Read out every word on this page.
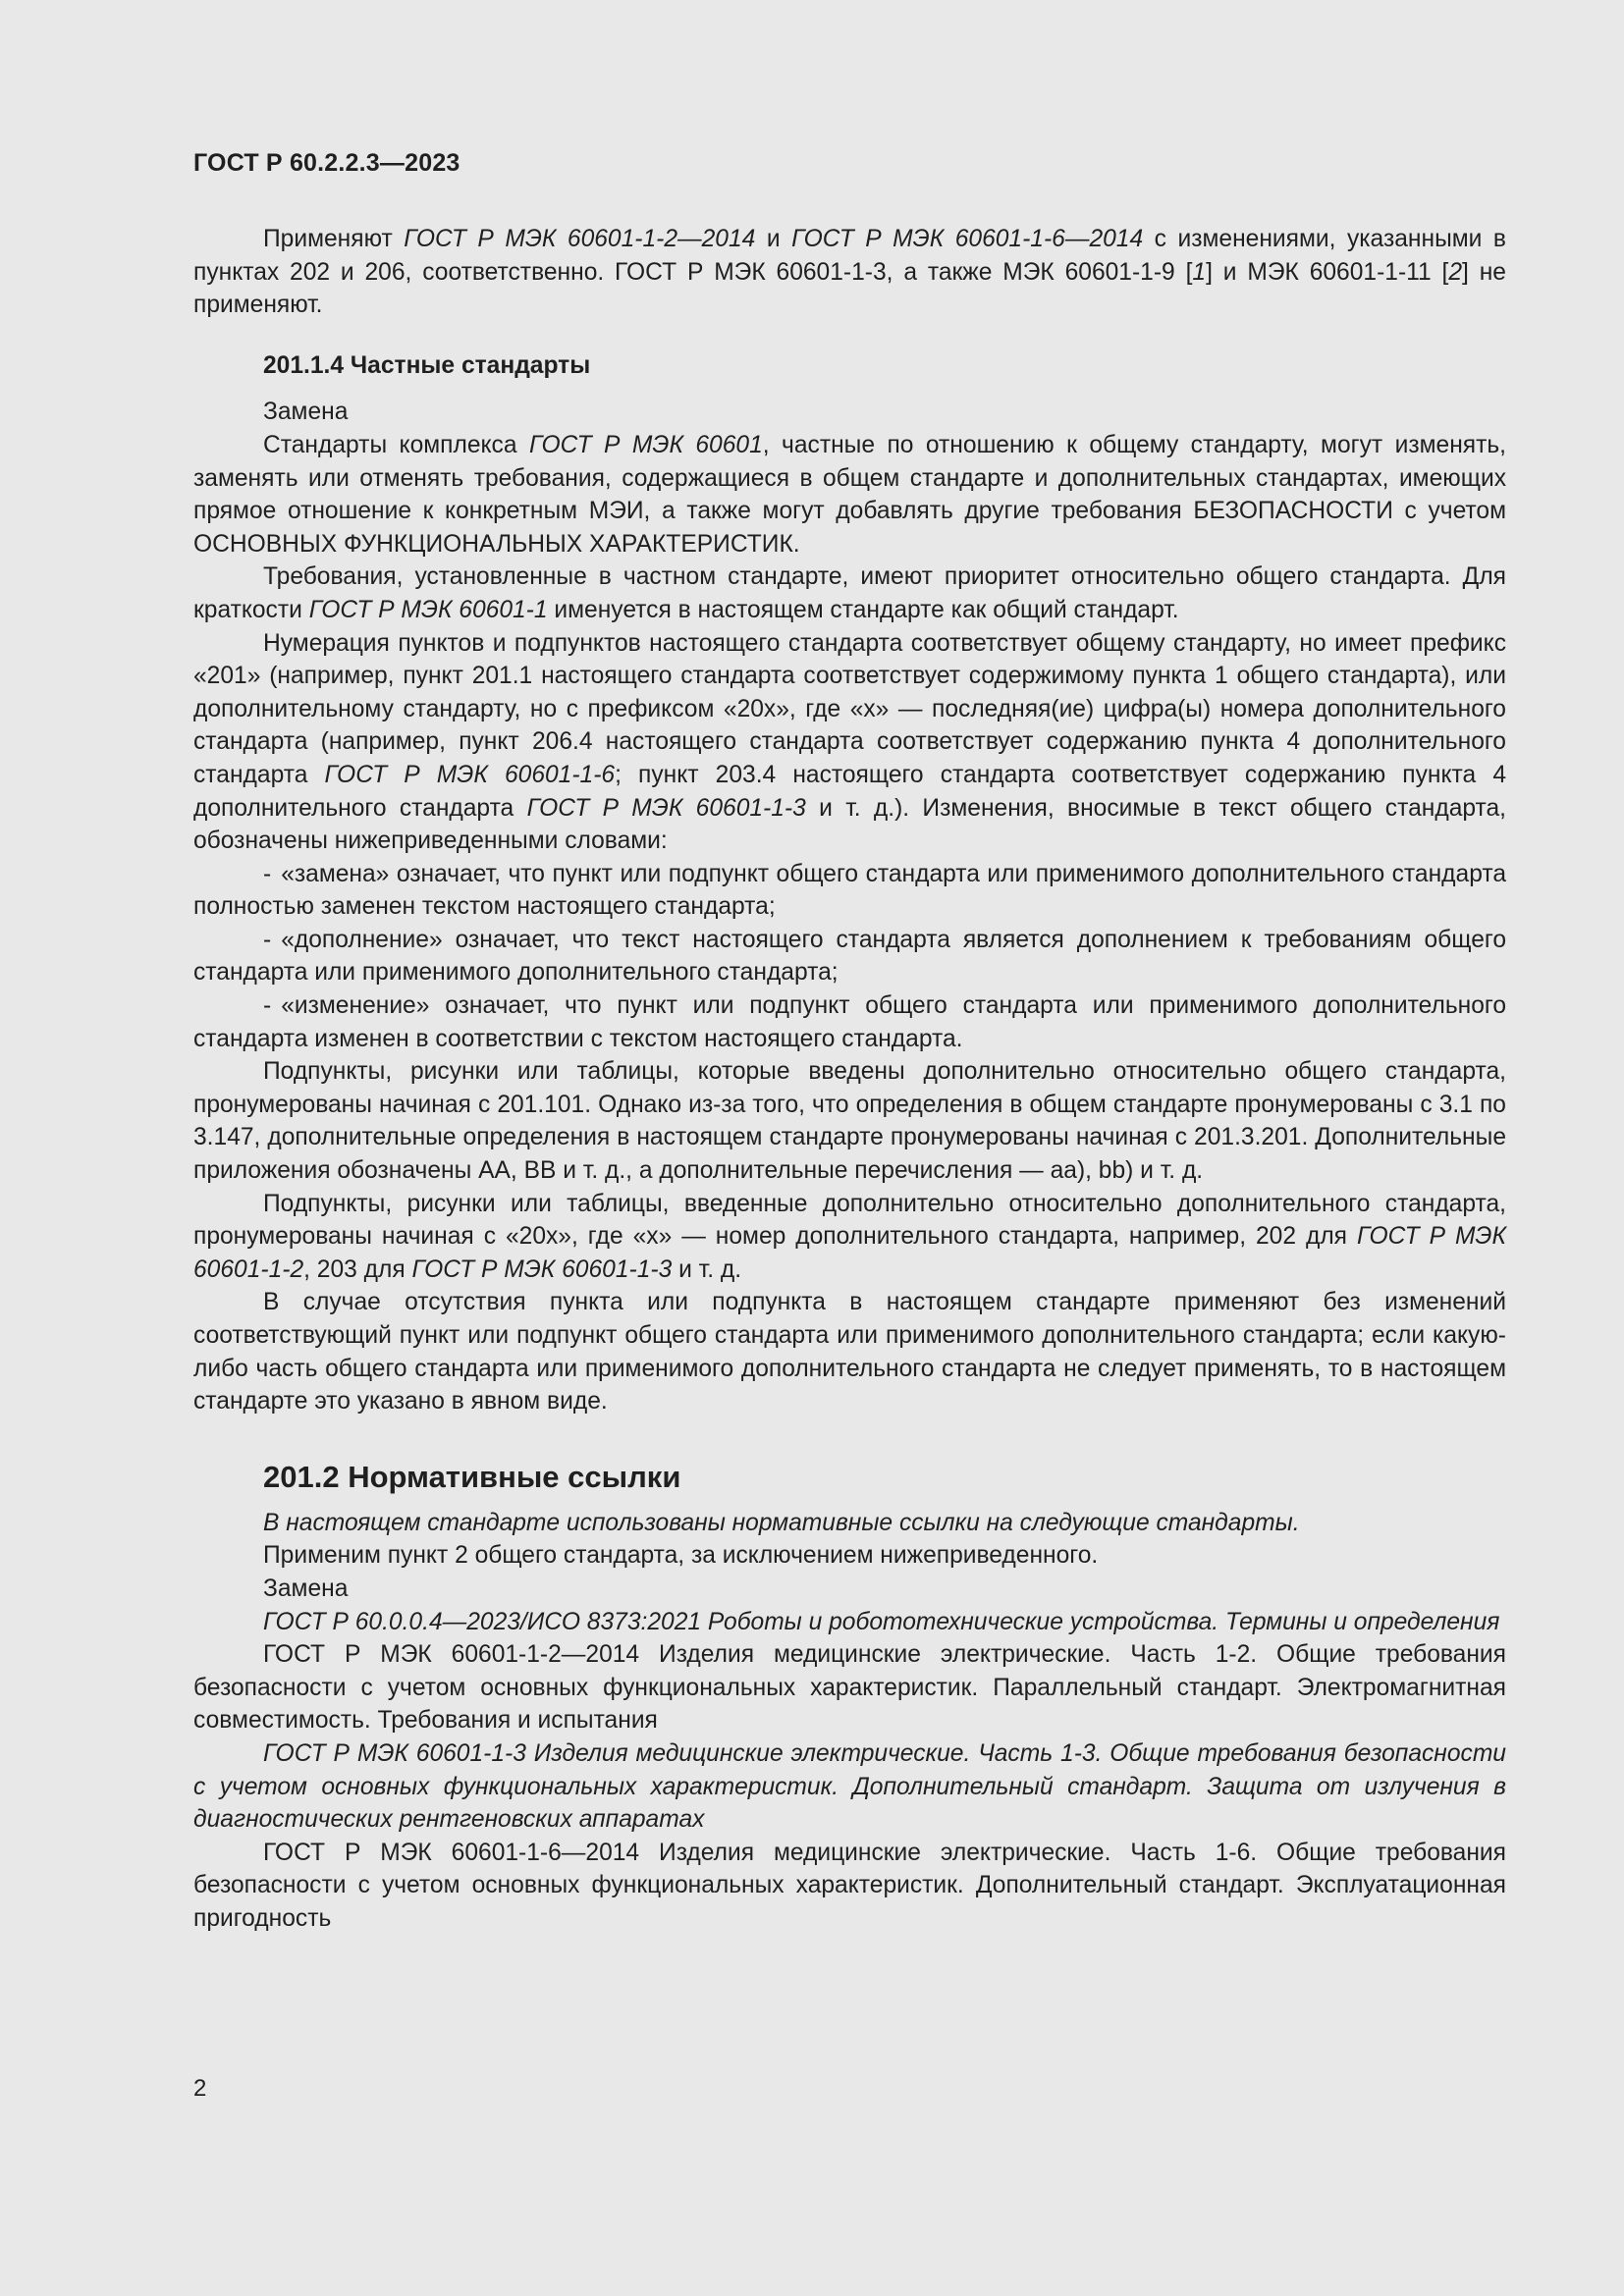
ГОСТ Р 60.2.2.3—2023

Применяют ГОСТ Р МЭК 60601-1-2—2014 и ГОСТ Р МЭК 60601-1-6—2014 с изменениями, указанными в пунктах 202 и 206, соответственно. ГОСТ Р МЭК 60601-1-3, а также МЭК 60601-1-9 [1] и МЭК 60601-1-11 [2] не применяют.

201.1.4 Частные стандарты

Замена

Стандарты комплекса ГОСТ Р МЭК 60601, частные по отношению к общему стандарту, могут изменять, заменять или отменять требования, содержащиеся в общем стандарте и дополнительных стандартах, имеющих прямое отношение к конкретным МЭИ, а также могут добавлять другие требования БЕЗОПАСНОСТИ с учетом ОСНОВНЫХ ФУНКЦИОНАЛЬНЫХ ХАРАКТЕРИСТИК.

Требования, установленные в частном стандарте, имеют приоритет относительно общего стандарта. Для краткости ГОСТ Р МЭК 60601-1 именуется в настоящем стандарте как общий стандарт.

Нумерация пунктов и подпунктов настоящего стандарта соответствует общему стандарту, но имеет префикс «201» (например, пункт 201.1 настоящего стандарта соответствует содержимому пункта 1 общего стандарта), или дополнительному стандарту, но с префиксом «20х», где «х» — последняя(ие) цифра(ы) номера дополнительного стандарта (например, пункт 206.4 настоящего стандарта соответствует содержанию пункта 4 дополнительного стандарта ГОСТ Р МЭК 60601-1-6; пункт 203.4 настоящего стандарта соответствует содержанию пункта 4 дополнительного стандарта ГОСТ Р МЭК 60601-1-3 и т. д.). Изменения, вносимые в текст общего стандарта, обозначены нижеприведенными словами:

- «замена» означает, что пункт или подпункт общего стандарта или применимого дополнительного стандарта полностью заменен текстом настоящего стандарта;

- «дополнение» означает, что текст настоящего стандарта является дополнением к требованиям общего стандарта или применимого дополнительного стандарта;

- «изменение» означает, что пункт или подпункт общего стандарта или применимого дополнительного стандарта изменен в соответствии с текстом настоящего стандарта.

Подпункты, рисунки или таблицы, которые введены дополнительно относительно общего стандарта, пронумерованы начиная с 201.101. Однако из-за того, что определения в общем стандарте пронумерованы с 3.1 по 3.147, дополнительные определения в настоящем стандарте пронумерованы начиная с 201.3.201. Дополнительные приложения обозначены АА, ВВ и т. д., а дополнительные перечисления — аа), bb) и т. д.

Подпункты, рисунки или таблицы, введенные дополнительно относительно дополнительного стандарта, пронумерованы начиная с «20х», где «х» — номер дополнительного стандарта, например, 202 для ГОСТ Р МЭК 60601-1-2, 203 для ГОСТ Р МЭК 60601-1-3 и т. д.

В случае отсутствия пункта или подпункта в настоящем стандарте применяют без изменений соответствующий пункт или подпункт общего стандарта или применимого дополнительного стандарта; если какую-либо часть общего стандарта или применимого дополнительного стандарта не следует применять, то в настоящем стандарте это указано в явном виде.

201.2 Нормативные ссылки

В настоящем стандарте использованы нормативные ссылки на следующие стандарты.

Применим пункт 2 общего стандарта, за исключением нижеприведенного.

Замена

ГОСТ Р 60.0.0.4—2023/ИСО 8373:2021 Роботы и робототехнические устройства. Термины и определения

ГОСТ Р МЭК 60601-1-2—2014 Изделия медицинские электрические. Часть 1-2. Общие требования безопасности с учетом основных функциональных характеристик. Параллельный стандарт. Электромагнитная совместимость. Требования и испытания

ГОСТ Р МЭК 60601-1-3 Изделия медицинские электрические. Часть 1-3. Общие требования безопасности с учетом основных функциональных характеристик. Дополнительный стандарт. Защита от излучения в диагностических рентгеновских аппаратах

ГОСТ Р МЭК 60601-1-6—2014 Изделия медицинские электрические. Часть 1-6. Общие требования безопасности с учетом основных функциональных характеристик. Дополнительный стандарт. Эксплуатационная пригодность

2
